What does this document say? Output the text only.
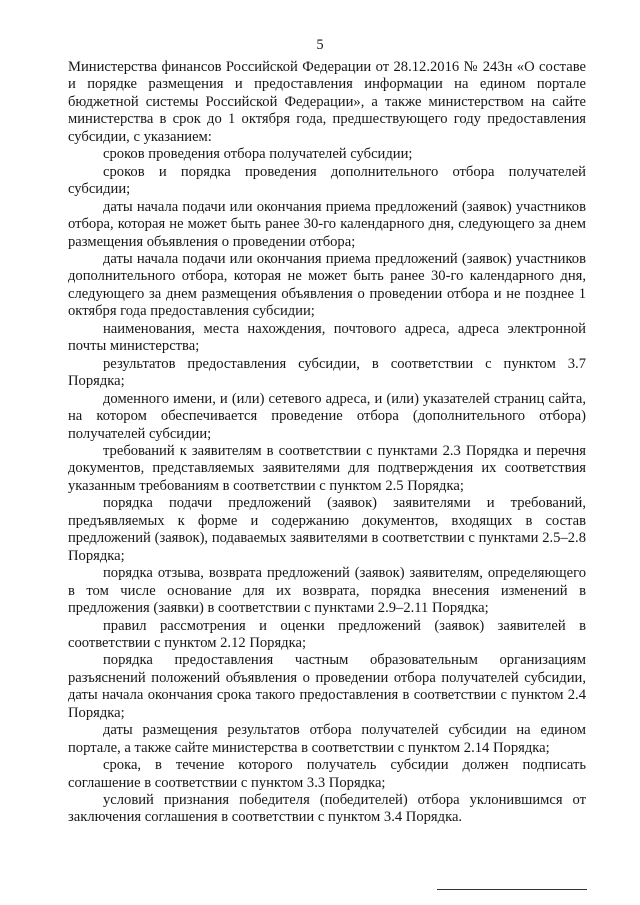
5

Министерства финансов Российской Федерации от 28.12.2016 № 243н «О составе и порядке размещения и предоставления информации на едином портале бюджетной системы Российской Федерации», а также министерством на сайте министерства в срок до 1 октября года, предшествующего году предоставления субсидии, с указанием:

сроков проведения отбора получателей субсидии;

сроков и порядка проведения дополнительного отбора получателей субсидии;

даты начала подачи или окончания приема предложений (заявок) участников отбора, которая не может быть ранее 30-го календарного дня, следующего за днем размещения объявления о проведении отбора;

даты начала подачи или окончания приема предложений (заявок) участников дополнительного отбора, которая не может быть ранее 30-го календарного дня, следующего за днем размещения объявления о проведении отбора и не позднее 1 октября года предоставления субсидии;

наименования, места нахождения, почтового адреса, адреса электронной почты министерства;

результатов предоставления субсидии, в соответствии с пунктом 3.7 Порядка;

доменного имени, и (или) сетевого адреса, и (или) указателей страниц сайта, на котором обеспечивается проведение отбора (дополнительного отбора) получателей субсидии;

требований к заявителям в соответствии с пунктами 2.3 Порядка и перечня документов, представляемых заявителями для подтверждения их соответствия указанным требованиям в соответствии с пунктом 2.5 Порядка;

порядка подачи предложений (заявок) заявителями и требований, предъявляемых к форме и содержанию документов, входящих в состав предложений (заявок), подаваемых заявителями в соответствии с пунктами 2.5–2.8 Порядка;

порядка отзыва, возврата предложений (заявок) заявителям, определяющего в том числе основание для их возврата, порядка внесения изменений в предложения (заявки) в соответствии с пунктами 2.9–2.11 Порядка;

правил рассмотрения и оценки предложений (заявок) заявителей в соответствии с пунктом 2.12 Порядка;

порядка предоставления частным образовательным организациям разъяснений положений объявления о проведении отбора получателей субсидии, даты начала окончания срока такого предоставления в соответствии с пунктом 2.4 Порядка;

даты размещения результатов отбора получателей субсидии на едином портале, а также сайте министерства в соответствии с пунктом 2.14 Порядка;

срока, в течение которого получатель субсидии должен подписать соглашение в соответствии с пунктом 3.3 Порядка;

условий признания победителя (победителей) отбора уклонившимся от заключения соглашения в соответствии с пунктом 3.4 Порядка.
